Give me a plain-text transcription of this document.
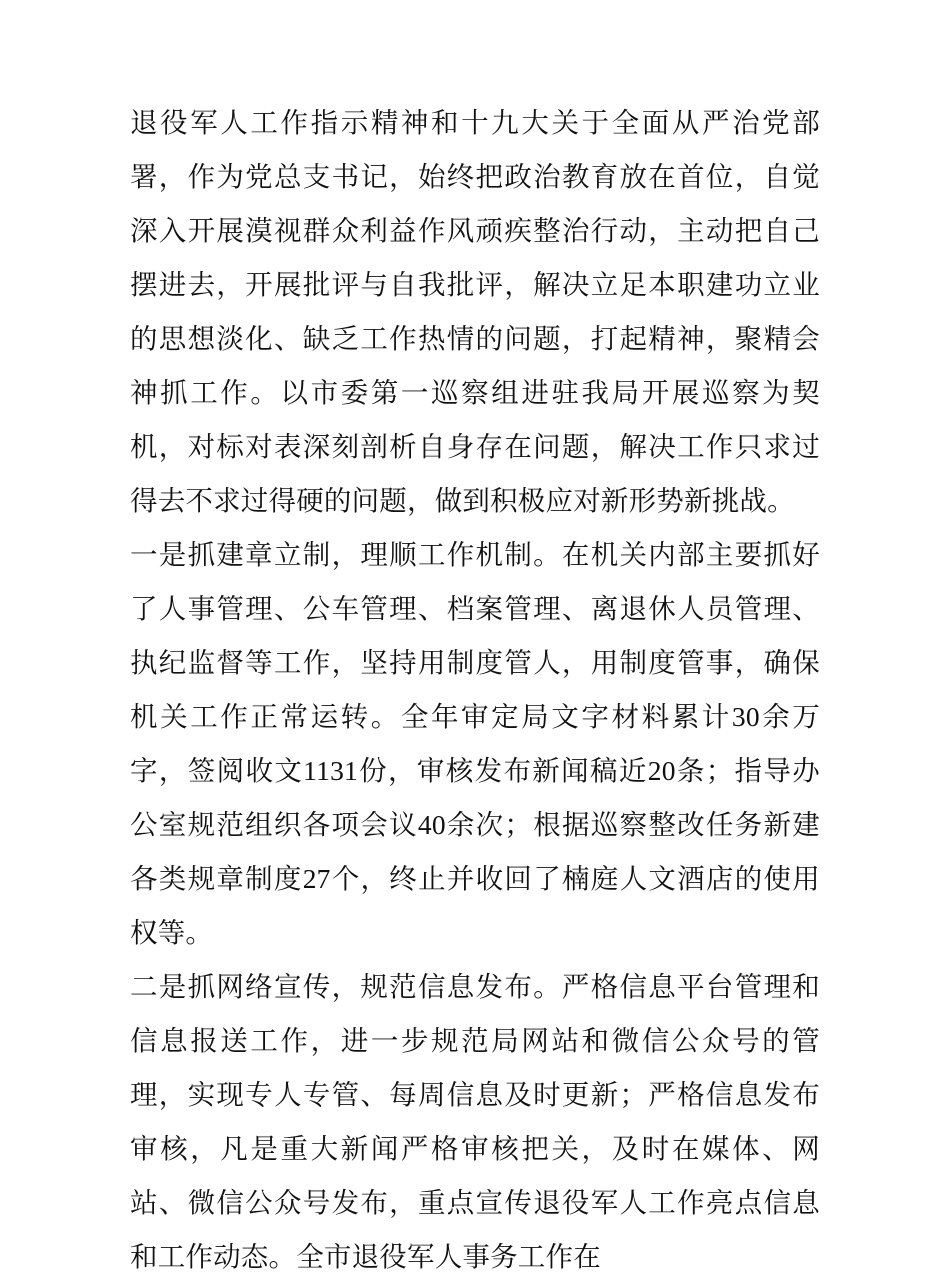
退役军人工作指示精神和十九大关于全面从严治党部署，作为党总支书记，始终把政治教育放在首位，自觉深入开展漠视群众利益作风顽疾整治行动，主动把自己摆进去，开展批评与自我批评，解决立足本职建功立业的思想淡化、缺乏工作热情的问题，打起精神，聚精会神抓工作。以市委第一巡察组进驻我局开展巡察为契机，对标对表深刻剖析自身存在问题，解决工作只求过得去不求过得硬的问题，做到积极应对新形势新挑战。

一是抓建章立制，理顺工作机制。在机关内部主要抓好了人事管理、公车管理、档案管理、离退休人员管理、执纪监督等工作，坚持用制度管人，用制度管事，确保机关工作正常运转。全年审定局文字材料累计30余万字，签阅收文1131份，审核发布新闻稿近20条；指导办公室规范组织各项会议40余次；根据巡察整改任务新建各类规章制度27个，终止并收回了楠庭人文酒店的使用权等。

二是抓网络宣传，规范信息发布。严格信息平台管理和信息报送工作，进一步规范局网站和微信公众号的管理，实现专人专管、每周信息及时更新；严格信息发布审核，凡是重大新闻严格审核把关，及时在媒体、网站、微信公众号发布，重点宣传退役军人工作亮点信息和工作动态。全市退役军人事务工作在
